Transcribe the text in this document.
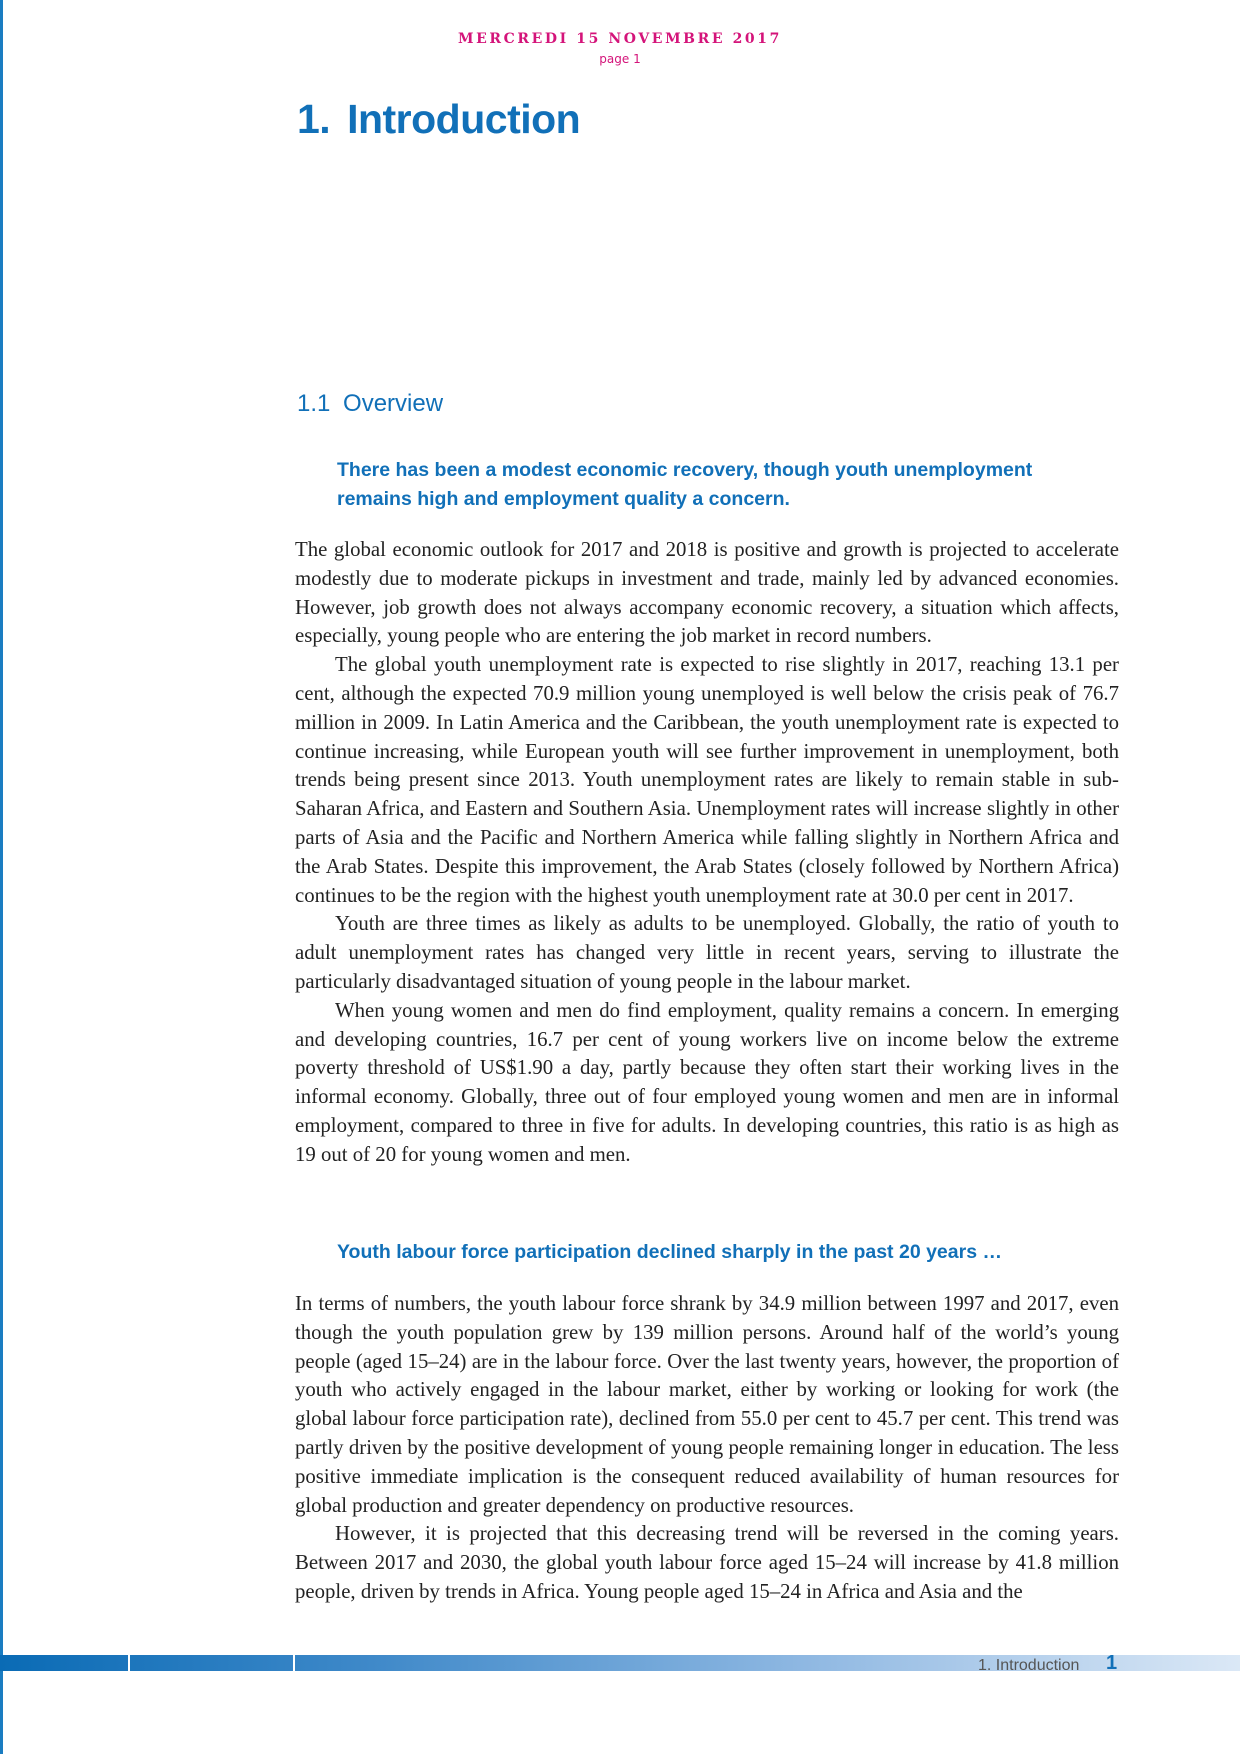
MERCREDI 15 NOVEMBRE 2017
page 1
1. Introduction
1.1 Overview

There has been a modest economic recovery, though youth unemployment remains high and employment quality a concern.

The global economic outlook for 2017 and 2018 is positive and growth is projected to accelerate modestly due to moderate pickups in investment and trade, mainly led by advanced economies. However, job growth does not always accompany economic recovery, a situation which affects, especially, young people who are entering the job market in record numbers.

The global youth unemployment rate is expected to rise slightly in 2017, reaching 13.1 per cent, although the expected 70.9 million young unemployed is well below the crisis peak of 76.7 million in 2009. In Latin America and the Caribbean, the youth unemployment rate is expected to continue increasing, while European youth will see further improvement in unemployment, both trends being present since 2013. Youth unemployment rates are likely to remain stable in sub-Saharan Africa, and Eastern and Southern Asia. Unemployment rates will increase slightly in other parts of Asia and the Pacific and Northern America while falling slightly in Northern Africa and the Arab States. Despite this improvement, the Arab States (closely followed by Northern Africa) continues to be the region with the highest youth unemployment rate at 30.0 per cent in 2017.

Youth are three times as likely as adults to be unemployed. Globally, the ratio of youth to adult unemployment rates has changed very little in recent years, serving to illustrate the particularly disadvantaged situation of young people in the labour market.

When young women and men do find employment, quality remains a concern. In emerging and developing countries, 16.7 per cent of young workers live on income below the extreme poverty threshold of US$1.90 a day, partly because they often start their working lives in the informal economy. Globally, three out of four employed young women and men are in informal employment, compared to three in five for adults. In developing countries, this ratio is as high as 19 out of 20 for young women and men.

Youth labour force participation declined sharply in the past 20 years …

In terms of numbers, the youth labour force shrank by 34.9 million between 1997 and 2017, even though the youth population grew by 139 million persons. Around half of the world’s young people (aged 15–24) are in the labour force. Over the last twenty years, however, the proportion of youth who actively engaged in the labour market, either by working or looking for work (the global labour force participation rate), declined from 55.0 per cent to 45.7 per cent. This trend was partly driven by the positive development of young people remaining longer in education. The less positive immediate implication is the consequent reduced availability of human resources for global production and greater dependency on productive resources.

However, it is projected that this decreasing trend will be reversed in the coming years. Between 2017 and 2030, the global youth labour force aged 15–24 will increase by 41.8 million people, driven by trends in Africa. Young people aged 15–24 in Africa and Asia and the

1. Introduction 1
